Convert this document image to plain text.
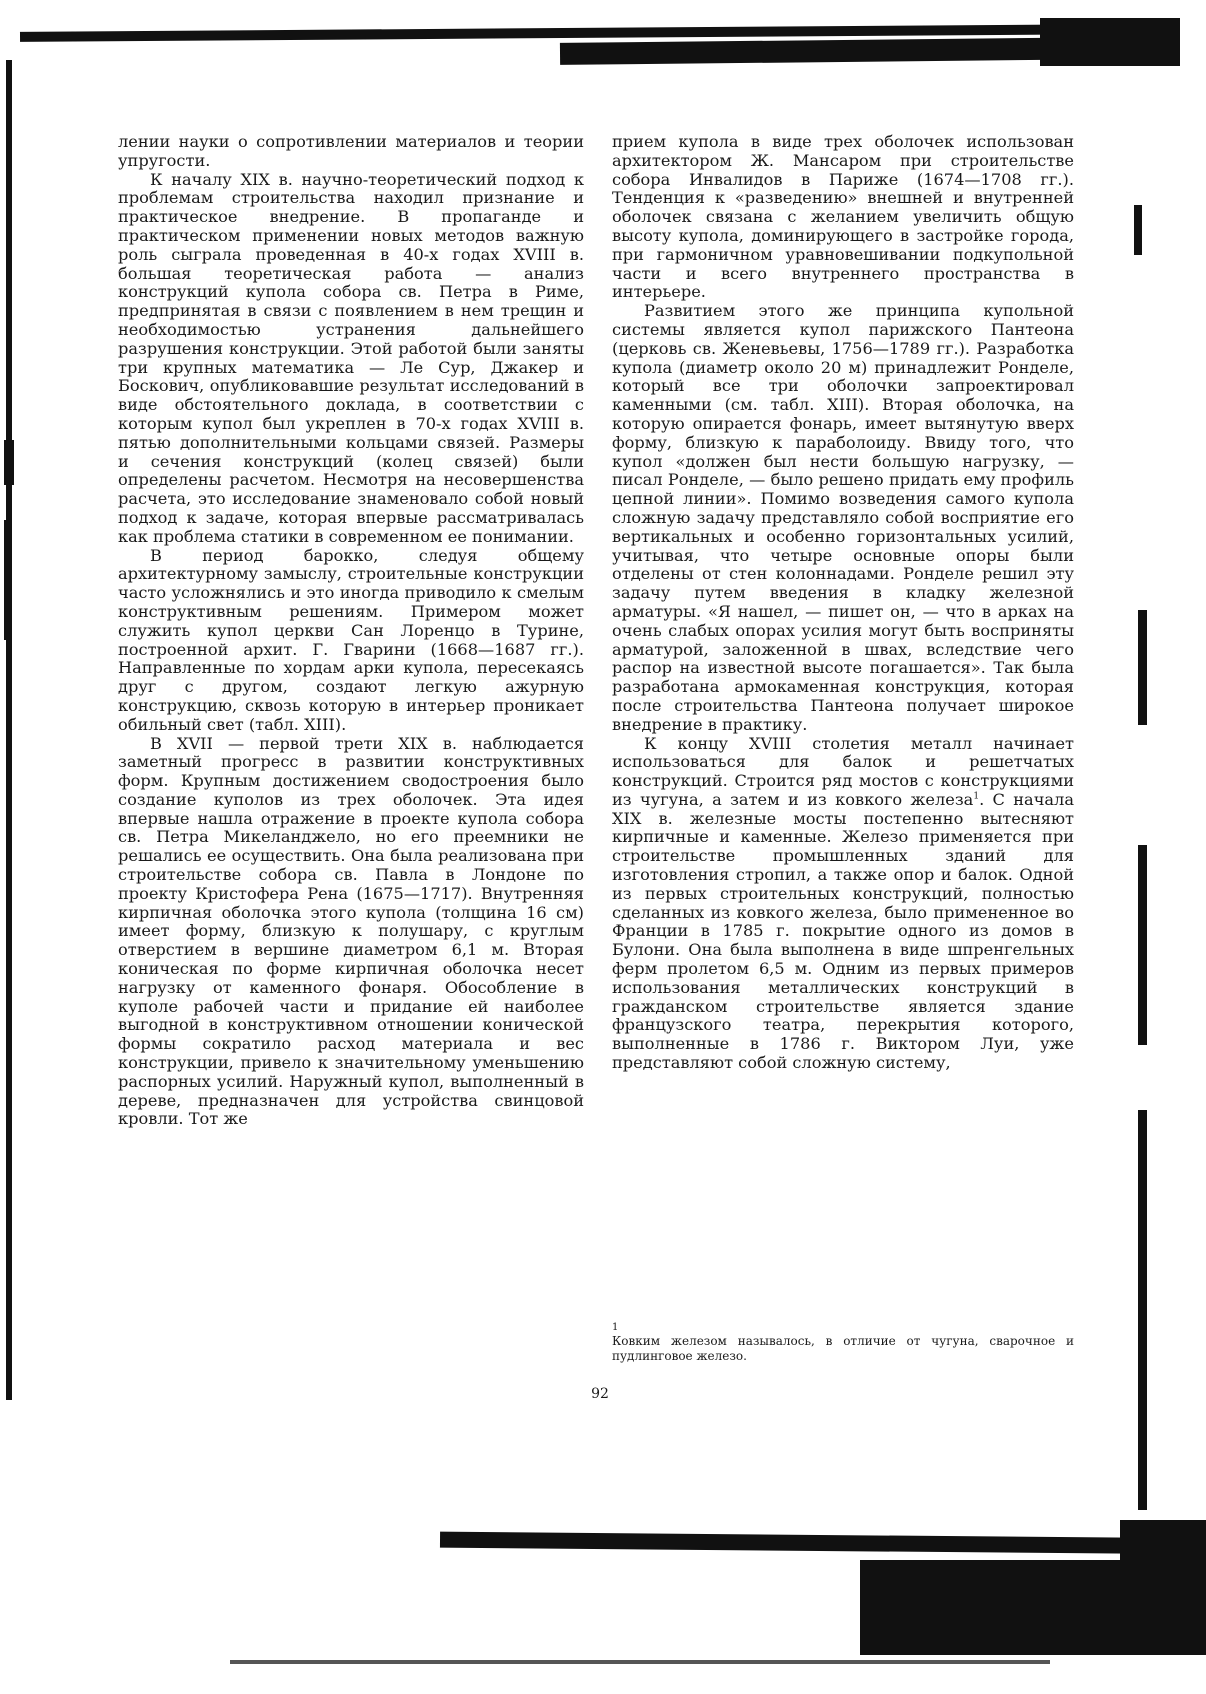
лении науки о сопротивлении материалов и теории упругости.

К началу XIX в. научно-теоретический подход к проблемам строительства находил признание и практическое внедрение. В пропаганде и практическом применении новых методов важную роль сыграла проведенная в 40-х годах XVIII в. большая теоретическая работа — анализ конструкций купола собора св. Петра в Риме, предпринятая в связи с появлением в нем трещин и необходимостью устранения дальнейшего разрушения конструкции. Этой работой были заняты три крупных математика — Ле Сур, Джакер и Боскович, опубликовавшие результат исследований в виде обстоятельного доклада, в соответствии с которым купол был укреплен в 70-х годах XVIII в. пятью дополнительными кольцами связей. Размеры и сечения конструкций (колец связей) были определены расчетом. Несмотря на несовершенства расчета, это исследование знаменовало собой новый подход к задаче, которая впервые рассматривалась как проблема статики в современном ее понимании.

В период барокко, следуя общему архитектурному замыслу, строительные конструкции часто усложнялись и это иногда приводило к смелым конструктивным решениям. Примером может служить купол церкви Сан Лоренцо в Турине, построенной архит. Г. Гварини (1668—1687 гг.). Направленные по хордам арки купола, пересекаясь друг с другом, создают легкую ажурную конструкцию, сквозь которую в интерьер проникает обильный свет (табл. XIII).

В XVII — первой трети XIX в. наблюдается заметный прогресс в развитии конструктивных форм. Крупным достижением сводостроения было создание куполов из трех оболочек. Эта идея впервые нашла отражение в проекте купола собора св. Петра Микеланджело, но его преемники не решались ее осуществить. Она была реализована при строительстве собора св. Павла в Лондоне по проекту Кристофера Рена (1675—1717). Внутренняя кирпичная оболочка этого купола (толщина 16 см) имеет форму, близкую к полушару, с круглым отверстием в вершине диаметром 6,1 м. Вторая коническая по форме кирпичная оболочка несет нагрузку от каменного фонаря. Обособление в куполе рабочей части и придание ей наиболее выгодной в конструктивном отношении конической формы сократило расход материала и вес конструкции, привело к значительному уменьшению распорных усилий. Наружный купол, выполненный в дереве, предназначен для устройства свинцовой кровли. Тот же

прием купола в виде трех оболочек использован архитектором Ж. Мансаром при строительстве собора Инвалидов в Париже (1674—1708 гг.). Тенденция к «разведению» внешней и внутренней оболочек связана с желанием увеличить общую высоту купола, доминирующего в застройке города, при гармоничном уравновешивании подкупольной части и всего внутреннего пространства в интерьере.

Развитием этого же принципа купольной системы является купол парижского Пантеона (церковь св. Женевьевы, 1756—1789 гг.). Разработка купола (диаметр около 20 м) принадлежит Ронделе, который все три оболочки запроектировал каменными (см. табл. XIII). Вторая оболочка, на которую опирается фонарь, имеет вытянутую вверх форму, близкую к параболоиду. Ввиду того, что купол «должен был нести большую нагрузку, — писал Ронделе, — было решено придать ему профиль цепной линии». Помимо возведения самого купола сложную задачу представляло собой восприятие его вертикальных и особенно горизонтальных усилий, учитывая, что четыре основные опоры были отделены от стен колоннадами. Ронделе решил эту задачу путем введения в кладку железной арматуры. «Я нашел, — пишет он, — что в арках на очень слабых опорах усилия могут быть восприняты арматурой, заложенной в швах, вследствие чего распор на известной высоте погашается». Так была разработана армокаменная конструкция, которая после строительства Пантеона получает широкое внедрение в практику.

К концу XVIII столетия металл начинает использоваться для балок и решетчатых конструкций. Строится ряд мостов с конструкциями из чугуна, а затем и из ковкого железа$^1$. С начала XIX в. железные мосты постепенно вытесняют кирпичные и каменные. Железо применяется при строительстве промышленных зданий для изготовления стропил, а также опор и балок. Одной из первых строительных конструкций, полностью сделанных из ковкого железа, было примененное во Франции в 1785 г. покрытие одного из домов в Булони. Она была выполнена в виде шпренгельных ферм пролетом 6,5 м. Одним из первых примеров использования металлических конструкций в гражданском строительстве является здание французского театра, перекрытия которого, выполненные в 1786 г. Виктором Луи, уже представляют собой сложную систему,

1
Ковким железом называлось, в отличие от чугуна, сварочное и пудлинговое железо.
92
